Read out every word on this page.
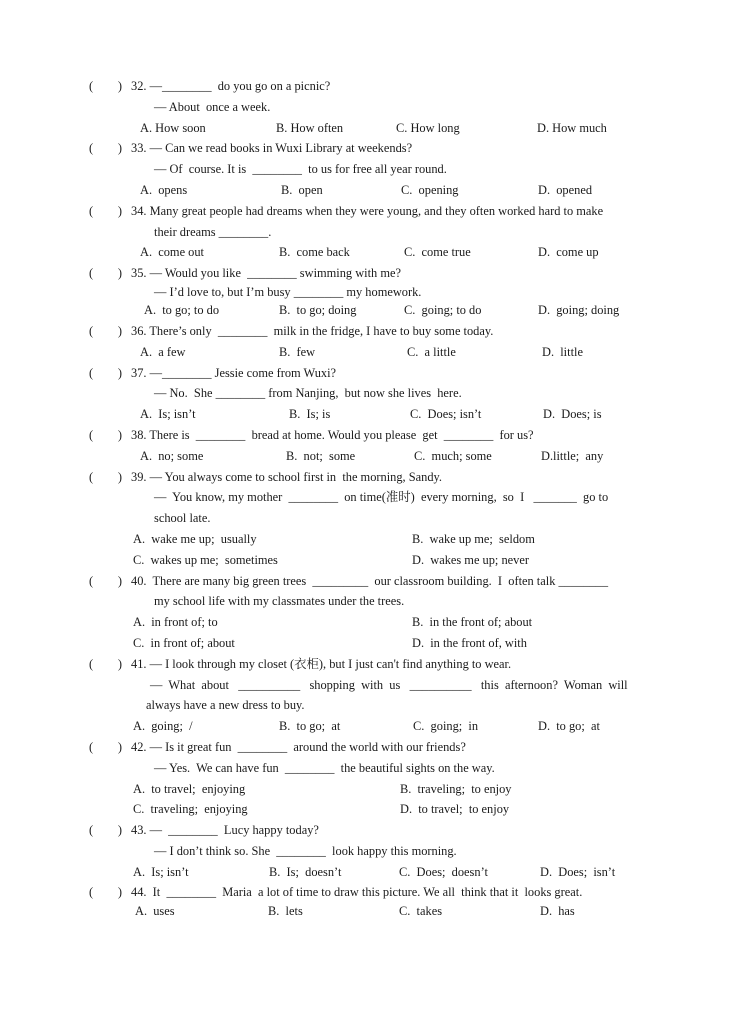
(        ) 32. —________  do you go on a picnic?
— About  once a week.
A. How soon	B. How often	C. How long	D. How much
(        ) 33. — Can we read books in Wuxi Library at weekends?
— Of  course. It is  ________  to us for free all year round.
A.  opens	B.  open	C.  opening	D.  opened
(        ) 34. Many great people had dreams when they were young, and they often worked hard to make
their dreams ________.
A.  come out	B.  come back	C.  come true	D.  come up
(        ) 35. — Would you like  ________ swimming with me?
— I’d love to, but I’m busy ________ my homework.
A.  to go; to do	B.  to go; doing	C.  going; to do	D.  going; doing
(        ) 36. There’s only  ________  milk in the fridge, I have to buy some today.
A.  a few	B.  few	C.  a little	D.  little
(        ) 37. —________ Jessie come from Wuxi?
— No.  She ________ from Nanjing,  but now she lives  here.
A.  Is; isn’t	B.  Is; is	C.  Does; isn’t	D.  Does; is
(        ) 38. There is  ________  bread at home. Would you please  get  ________  for us?
A.  no; some	B.  not;  some	C.  much; some	D.little;  any
(        ) 39. — You always come to school first in  the morning, Sandy.
—  You know, my mother  ________  on time(准时)  every morning,  so  I   _______  go to
school late.
A.  wake me up;  usually	B.  wake up me;  seldom
C.  wakes up me;  sometimes	D.  wakes me up; never
(        ) 40.  There are many big green trees  _________  our classroom building.  I  often talk ________
my school life with my classmates under the trees.
A.  in front of; to	B.  in the front of; about
C.  in front of; about	D.  in the front of, with
(        ) 41. — I look through my closet (衣柜), but I just can't find anything to wear.
—  What  about   __________   shopping  with  us   __________   this  afternoon?  Woman  will
always have a new dress to buy.
A.  going;  /	B.  to go;  at	C.  going;  in	D.  to go;  at
(        ) 42. — Is it great fun  ________  around the world with our friends?
— Yes.  We can have fun  ________  the beautiful sights on the way.
A.  to travel;  enjoying	B.  traveling;  to enjoy
C.  traveling;  enjoying	D.  to travel;  to enjoy
(        ) 43. —  ________  Lucy happy today?
— I don’t think so. She  ________  look happy this morning.
A.  Is; isn’t	B.  Is;  doesn’t	C.  Does;  doesn’t	D.  Does;  isn’t
(        ) 44.  It  ________  Maria  a lot of time to draw this picture. We all  think that it  looks great.
A.  uses	B.  lets	C.  takes	D.  has
